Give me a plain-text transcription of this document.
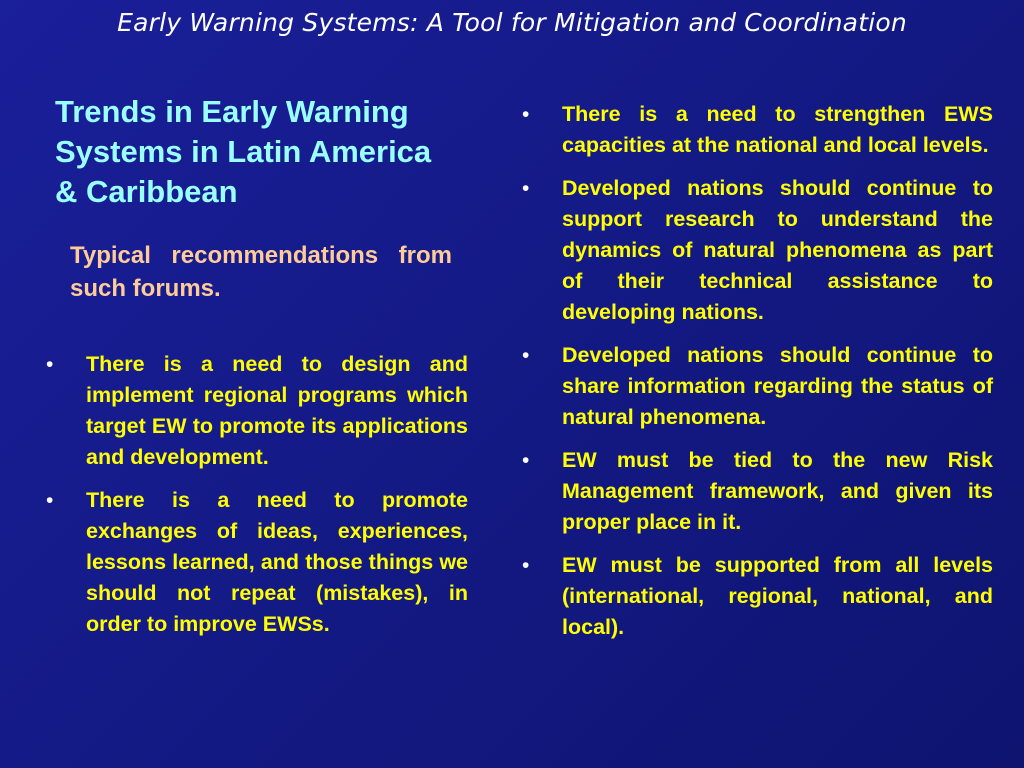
Early Warning Systems: A Tool for Mitigation and Coordination
Trends in Early Warning
Systems in Latin America
& Caribbean
Typical recommendations from such forums.
• There is a need to design and implement regional programs which target EW to promote its applications and development.
• There is a need to promote exchanges of ideas, experiences, lessons learned, and those things we should not repeat (mistakes), in order to improve EWSs.
• There is a need to strengthen EWS capacities at the national and local levels.
• Developed nations should continue to support research to understand the dynamics of natural phenomena as part of their technical assistance to developing nations.
• Developed nations should continue to share information regarding the status of natural phenomena.
• EW must be tied to the new Risk Management framework, and given its proper place in it.
• EW must be supported from all levels (international, regional, national, and local).
